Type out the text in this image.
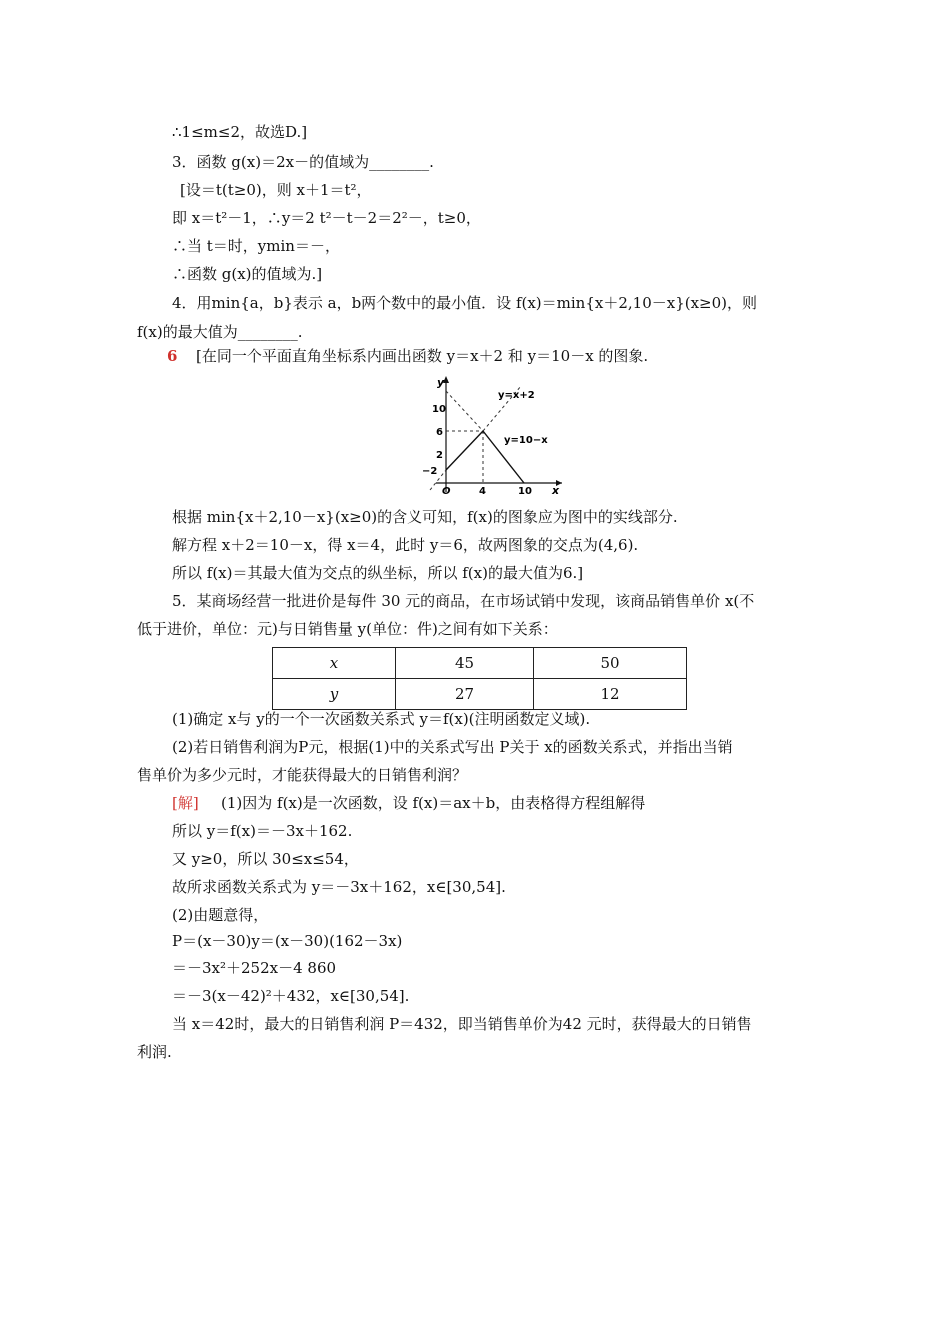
∴1≤m≤2，故选D.]
3．函数 g(x)＝2x－的值域为________.
[设＝t(t≥0)，则 x＋1＝t²，
即 x＝t²－1，∴y＝2 t²－t－2＝2²－，t≥0，
∴当 t＝时，ymin＝－，
∴函数 g(x)的值域为.]
4．用min{a，b}表示 a，b两个数中的最小值．设 f(x)＝min{x＋2,10－x}(x≥0)，则
f(x)的最大值为________.
6 [在同一个平面直角坐标系内画出函数 y＝x＋2 和 y＝10－x 的图象.
y
x
O
y=x+2
y=10−x
10
6
2
−2
4	10
根据 min{x＋2,10－x}(x≥0)的含义可知，f(x)的图象应为图中的实线部分.
解方程 x＋2＝10－x，得 x＝4，此时 y＝6，故两图象的交点为(4,6).
所以 f(x)＝其最大值为交点的纵坐标，所以 f(x)的最大值为6.]
5．某商场经营一批进价是每件 30 元的商品，在市场试销中发现，该商品销售单价 x(不
低于进价，单位：元)与日销售量 y(单位：件)之间有如下关系：
x	45	50
y	27	12
(1)确定 x与 y的一个一次函数关系式 y＝f(x)(注明函数定义域).
(2)若日销售利润为P元，根据(1)中的关系式写出 P关于 x的函数关系式，并指出当销
售单价为多少元时，才能获得最大的日销售利润？
[解] (1)因为 f(x)是一次函数，设 f(x)＝ax＋b，由表格得方程组解得
所以 y＝f(x)＝－3x＋162.
又 y≥0，所以 30≤x≤54，
故所求函数关系式为 y＝－3x＋162，x∈[30,54].
(2)由题意得，
P＝(x－30)y＝(x－30)(162－3x)
＝－3x²＋252x－4 860
＝－3(x－42)²＋432，x∈[30,54].
当 x＝42时，最大的日销售利润 P＝432，即当销售单价为42 元时，获得最大的日销售
利润.
